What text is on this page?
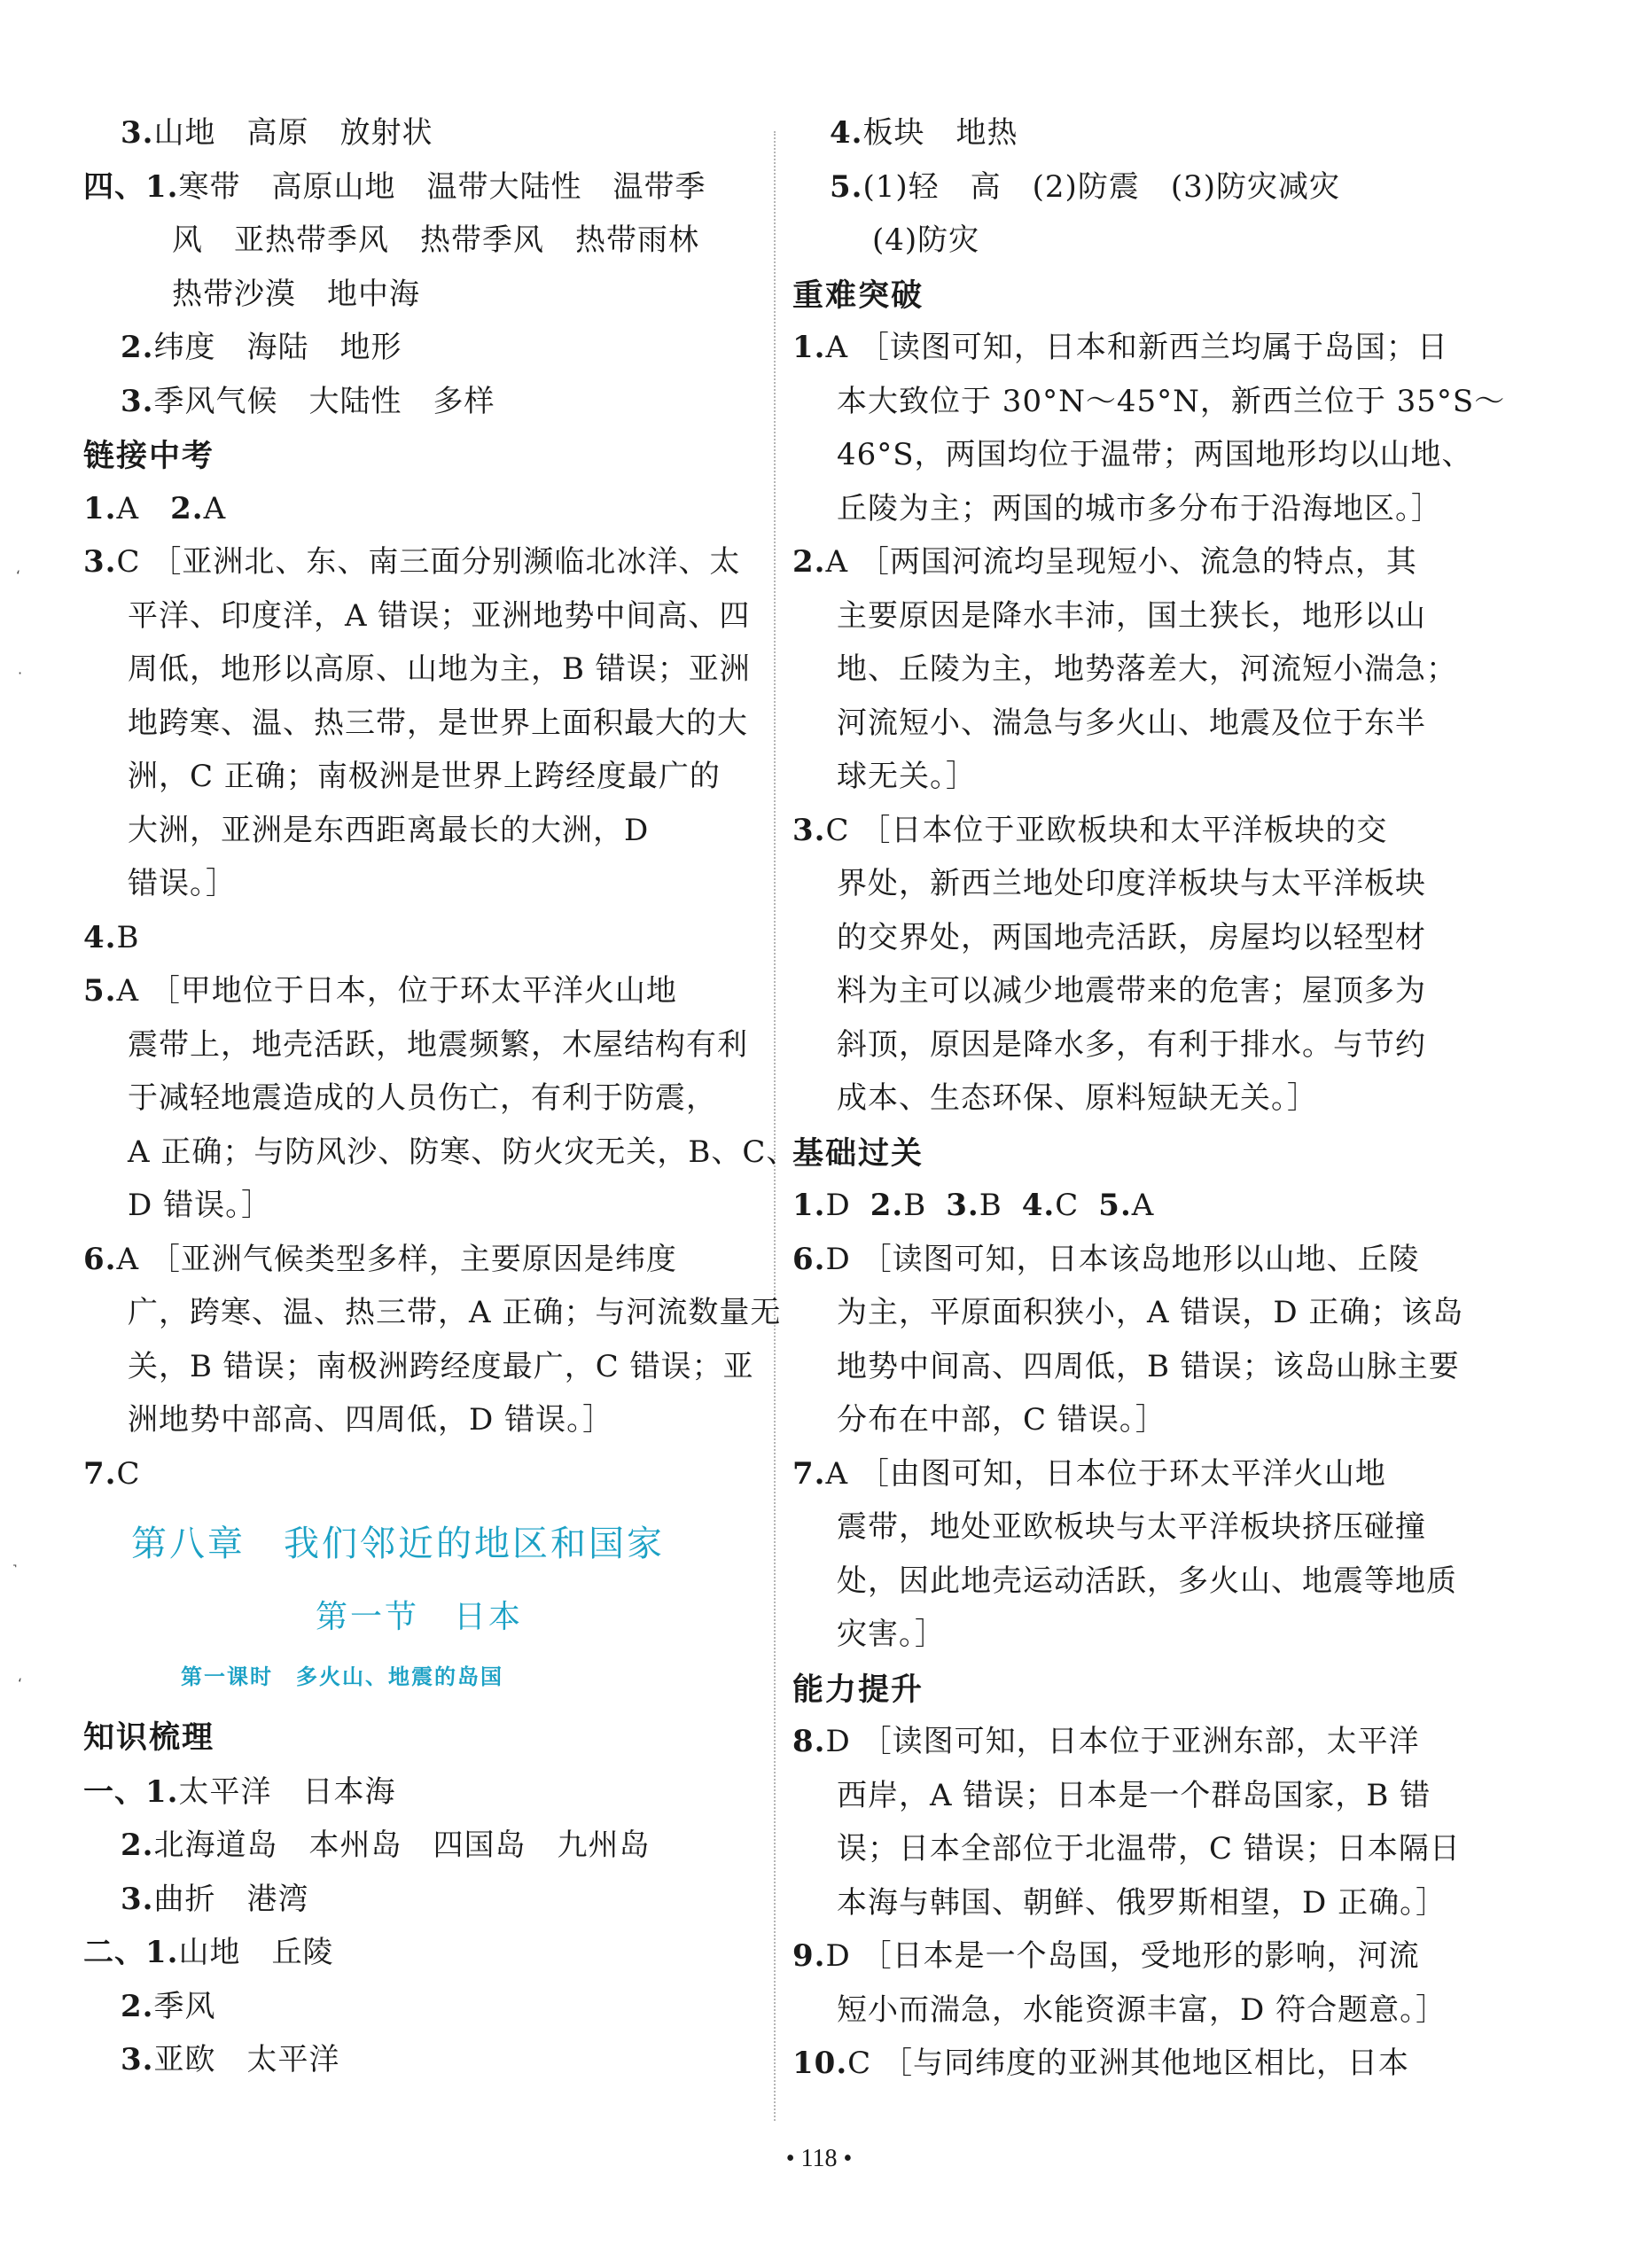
3.山地　高原　放射状
四、1.寒带　高原山地　温带大陆性　温带季
风　亚热带季风　热带季风　热带雨林
热带沙漠　地中海
2.纬度　海陆　地形
3.季风气候　大陆性　多样
链接中考
1.A　2.A
3.C ［亚洲北、东、南三面分别濒临北冰洋、太
平洋、印度洋，A 错误；亚洲地势中间高、四
周低，地形以高原、山地为主，B 错误；亚洲
地跨寒、温、热三带，是世界上面积最大的大
洲，C 正确；南极洲是世界上跨经度最广的
大洲，亚洲是东西距离最长的大洲，D
错误。］
4.B
5.A ［甲地位于日本，位于环太平洋火山地
震带上，地壳活跃，地震频繁，木屋结构有利
于减轻地震造成的人员伤亡，有利于防震，
A 正确；与防风沙、防寒、防火灾无关，B、C、
D 错误。］
6.A ［亚洲气候类型多样，主要原因是纬度
广，跨寒、温、热三带，A 正确；与河流数量无
关，B 错误；南极洲跨经度最广，C 错误；亚
洲地势中部高、四周低，D 错误。］
7.C
第八章　我们邻近的地区和国家
第一节　日本
第一课时　多火山、地震的岛国
知识梳理
一、1.太平洋　日本海
2.北海道岛　本州岛　四国岛　九州岛
3.曲折　港湾
二、1.山地　丘陵
2.季风
3.亚欧　太平洋
4.板块　地热
5.(1)轻　高　(2)防震　(3)防灾减灾
(4)防灾
重难突破
1.A ［读图可知，日本和新西兰均属于岛国；日
本大致位于 30°N～45°N，新西兰位于 35°S～
46°S，两国均位于温带；两国地形均以山地、
丘陵为主；两国的城市多分布于沿海地区。］
2.A ［两国河流均呈现短小、流急的特点，其
主要原因是降水丰沛，国土狭长，地形以山
地、丘陵为主，地势落差大，河流短小湍急；
河流短小、湍急与多火山、地震及位于东半
球无关。］
3.C ［日本位于亚欧板块和太平洋板块的交
界处，新西兰地处印度洋板块与太平洋板块
的交界处，两国地壳活跃，房屋均以轻型材
料为主可以减少地震带来的危害；屋顶多为
斜顶，原因是降水多，有利于排水。与节约
成本、生态环保、原料短缺无关。］
基础过关
1.D 2.B 3.B 4.C 5.A
6.D ［读图可知，日本该岛地形以山地、丘陵
为主，平原面积狭小，A 错误，D 正确；该岛
地势中间高、四周低，B 错误；该岛山脉主要
分布在中部，C 错误。］
7.A ［由图可知，日本位于环太平洋火山地
震带，地处亚欧板块与太平洋板块挤压碰撞
处，因此地壳运动活跃，多火山、地震等地质
灾害。］
能力提升
8.D ［读图可知，日本位于亚洲东部，太平洋
西岸，A 错误；日本是一个群岛国家，B 错
误；日本全部位于北温带，C 错误；日本隔日
本海与韩国、朝鲜、俄罗斯相望，D 正确。］
9.D ［日本是一个岛国，受地形的影响，河流
短小而湍急，水能资源丰富，D 符合题意。］
10.C ［与同纬度的亚洲其他地区相比，日本
• 118 •
‘
·
˺
‘
